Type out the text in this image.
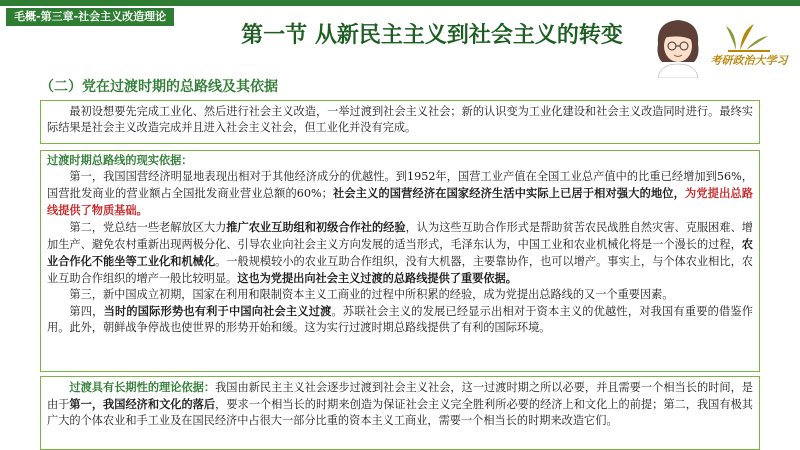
毛概-第三章-社会主义改造理论
第一节 从新民主主义到社会主义的转变
考研政治大学习
（二）党在过渡时期的总路线及其依据

最初设想要先完成工业化、然后进行社会主义改造，一举过渡到社会主义社会；新的认识变为工业化建设和社会主义改造同时进行。最终实际结果是社会主义改造完成并且进入社会主义社会，但工业化并没有完成。

过渡时期总路线的现实依据：

第一，我国国营经济明显地表现出相对于其他经济成分的优越性。到1952年，国营工业产值在全国工业总产值中的比重已经增加到56%，国营批发商业的营业额占全国批发商业营业总额的60%；社会主义的国营经济在国家经济生活中实际上已居于相对强大的地位，为党提出总路线提供了物质基础。

第二，党总结一些老解放区大力推广农业互助组和初级合作社的经验，认为这些互助合作形式是帮助贫苦农民战胜自然灾害、克服困难、增加生产、避免农村重新出现两极分化、引导农业向社会主义方向发展的适当形式，毛泽东认为，中国工业和农业机械化将是一个漫长的过程，农业合作化不能坐等工业化和机械化。一般规模较小的农业互助合作组织，没有大机器，主要靠协作，也可以增产。事实上，与个体农业相比，农业互助合作组织的增产一般比较明显。这也为党提出向社会主义过渡的总路线提供了重要依据。

第三，新中国成立初期，国家在利用和限制资本主义工商业的过程中所积累的经验，成为党提出总路线的又一个重要因素。

第四，当时的国际形势也有利于中国向社会主义过渡。苏联社会主义的发展已经显示出相对于资本主义的优越性，对我国有重要的借鉴作用。此外，朝鲜战争停战也使世界的形势开始和缓。这为实行过渡时期总路线提供了有利的国际环境。

过渡具有长期性的理论依据：我国由新民主主义社会逐步过渡到社会主义社会，这一过渡时期之所以必要，并且需要一个相当长的时间，是由于第一，我国经济和文化的落后，要求一个相当长的时期来创造为保证社会主义完全胜利所必要的经济上和文化上的前提；第二，我国有极其广大的个体农业和手工业及在国民经济中占很大一部分比重的资本主义工商业，需要一个相当长的时期来改造它们。
